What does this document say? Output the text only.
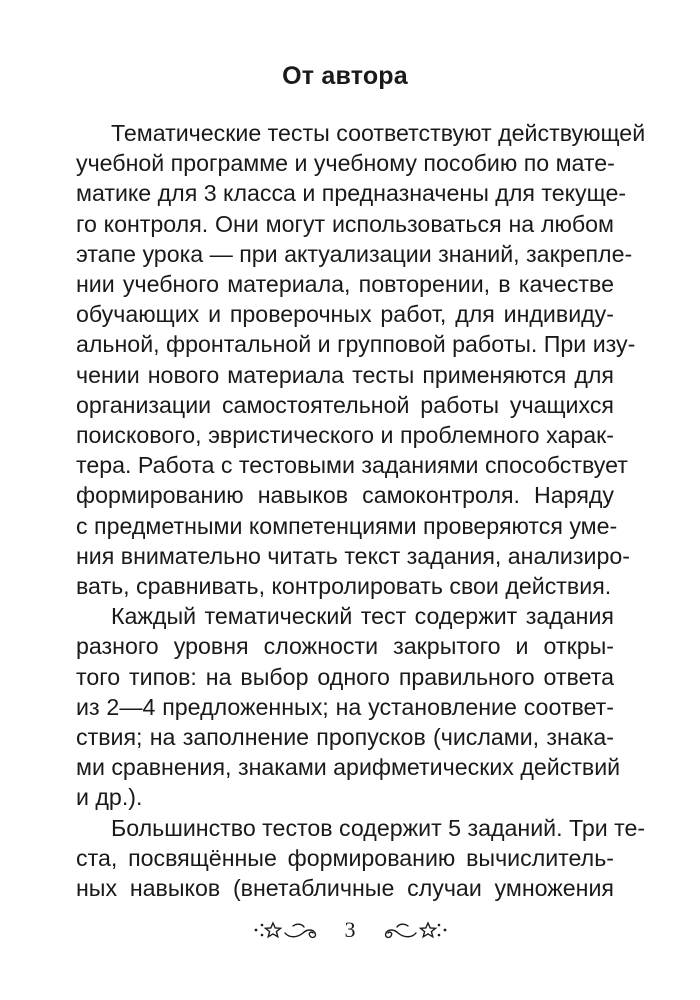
От автора

Тематические тесты соответствуют действующей
учебной программе и учебному пособию по мате-
матике для 3 класса и предназначены для текуще-
го контроля. Они могут использоваться на любом
этапе урока — при актуализации знаний, закрепле-
нии учебного материала, повторении, в качестве
обучающих и проверочных работ, для индивиду-
альной, фронтальной и групповой работы. При изу-
чении нового материала тесты применяются для
организации самостоятельной работы учащихся
поискового, эвристического и проблемного харак-
тера. Работа с тестовыми заданиями способствует
формированию навыков самоконтроля. Наряду
с предметными компетенциями проверяются уме-
ния внимательно читать текст задания, анализиро-
вать, сравнивать, контролировать свои действия.

Каждый тематический тест содержит задания
разного уровня сложности закрытого и откры-
того типов: на выбор одного правильного ответа
из 2—4 предложенных; на установление соответ-
ствия; на заполнение пропусков (числами, знака-
ми сравнения, знаками арифметических действий
и др.).

Большинство тестов содержит 5 заданий. Три те-
ста, посвящённые формированию вычислитель-
ных навыков (внетабличные случаи умножения

3
